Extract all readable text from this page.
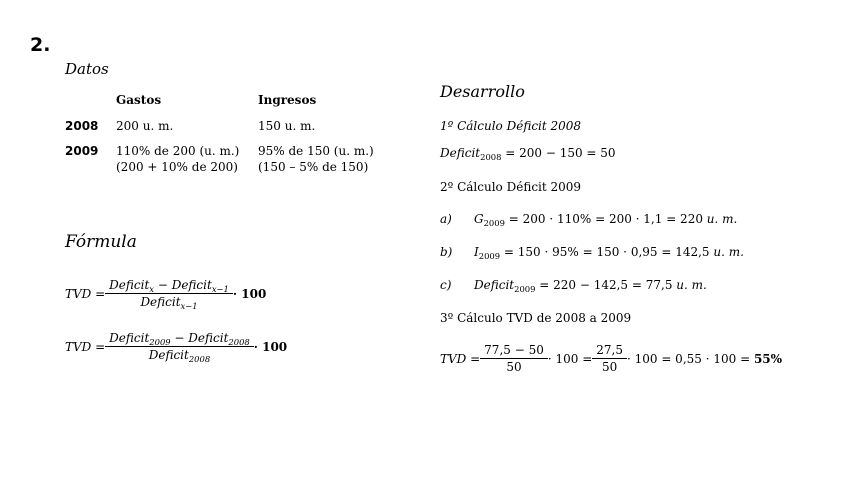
2.
Datos
Gastos	Ingresos
2008 200 u. m.	150 u. m.
2009 110% de 200 (u. m.)
(200 + 10% de 200)
95% de 150 (u. m.)
(150 – 5% de 150)
Fórmula
TVD = $\frac{Deficit_x - Deficit_{x-1}}{Deficit_{x-1}} \cdot 100$
TVD = $\frac{Deficit_{2009} - Deficit_{2008}}{Deficit_{2008}} \cdot 100$
Desarrollo
1º Cálculo Déficit 2008
Deficit$_{2008}$ = 200 − 150 = 50
2º Cálculo Déficit 2009
a) $G_{2009} = 200 \cdot 110\% = 200 \cdot 1,1 = 220$ u. m.
b) $I_{2009} = 150 \cdot 95\% = 150 \cdot 0,95 = 142,5$ u. m.
c) Deficit$_{2009}$ = 220 − 142,5 = 77,5 u. m.
3º Cálculo TVD de 2008 a 2009
TVD = $\frac{77,5 - 50}{50} \cdot 100 = \frac{27,5}{50} \cdot 100 = 0,55 \cdot 100 = 55\%$
